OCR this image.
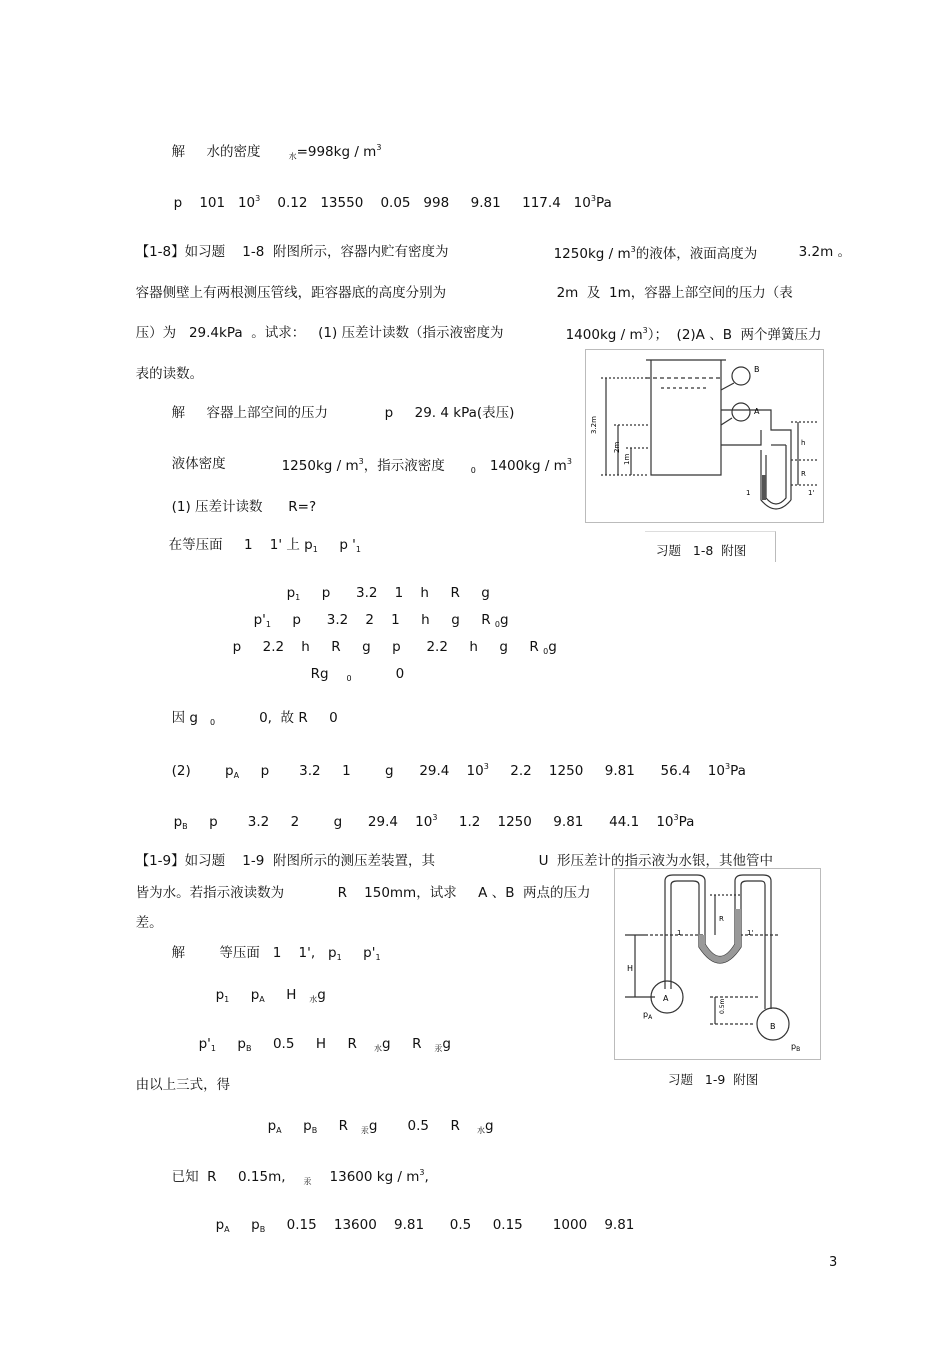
解     水的密度	$_水=998kg / m^3$

p    101   $10^3$    0.12   13550    0.05   998     9.81     117.4   $10^3Pa$

【1-8】如习题    1-8  附图所示，容器内贮有密度为	$1250kg / m^3$的液体，液面高度为	3.2m 。

容器侧壁上有两根测压管线，距容器底的高度分别为	2m  及  1m，容器上部空间的压力（表

压）为   29.4kPa  。试求：   (1) 压差计读数（指示液密度为	$1400kg / m^3$）；  (2)A 、B  两个弹簧压力

表的读数。

解     容器上部空间的压力	p     29. 4 kPa(表压)

液体密度	$1250kg / m^3$，指示液密度	$_0$ $1400kg / m^3$

(1) 压差计读数      R=?

在等压面     1    1' 上 $p_1$     p '$_1$

$p_1$     p      3.2    1    h     R     g

$p'_1$     p      3.2    2    1     h     g     R $_0$g

p     2.2    h     R     g     p      2.2     h     g     R $_0$g

Rg $_0$	0

因 g $_0$	0,  故 R     0

(2)        $p_A$     p       3.2     1        g      29.4    $10^3$     2.2    1250     9.81      56.4    $10^3Pa$

$p_B$     p       3.2     2        g      29.4    $10^3$     1.2    1250     9.81      44.1    $10^3Pa$

【1-9】如习题    1-9  附图所示的测压差装置，其	U  形压差计的指示液为水银，其他管中

皆为水。若指示液读数为	R    150mm，试求     A 、B  两点的压力

差。

解        等压面   1    1',   $p_1$     $p'_1$

$p_1$     $p_A$     H   $_水$g

$p'_1$     $p_B$     0.5     H     R    $_水$g     R   $_汞$g

由以上三式，得

$p_A$     $p_B$     R   $_汞$g       0.5     R    $_水$g

已知  R     0.15m, $_汞$ 13600 kg / $m^3$,

$p_A$     $p_B$     0.15    13600    9.81      0.5     0.15       1000    9.81

B
A
3.2m
2m
1m
h
R
1	1'
习题   1-8  附图
R
H
1	1'
A
B
$p_A$
$p_B$
0.5m
习题   1-9  附图
3
